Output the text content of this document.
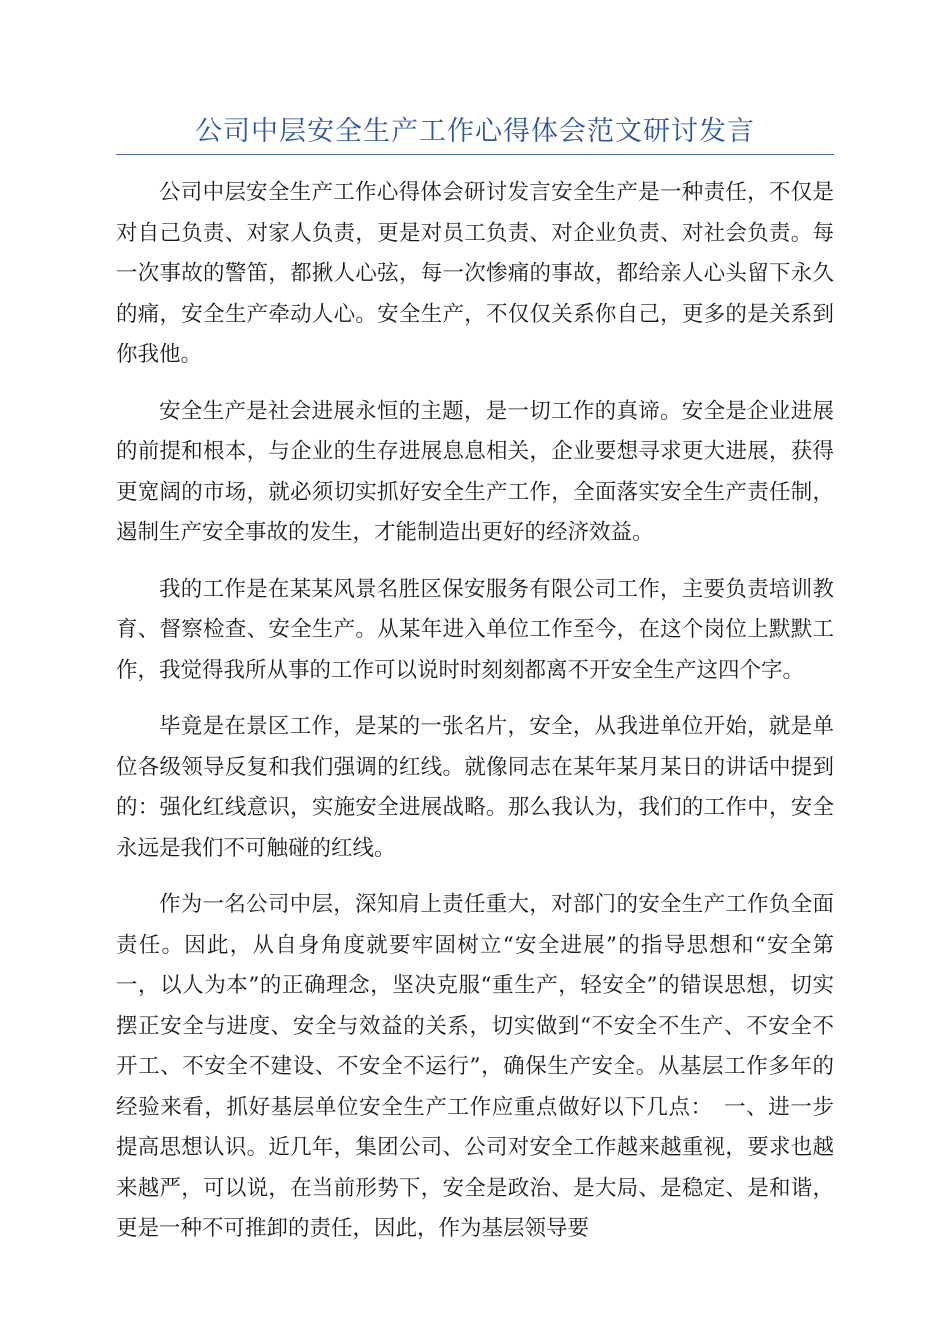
公司中层安全生产工作心得体会范文研讨发言

公司中层安全生产工作心得体会研讨发言安全生产是一种责任，不仅是对自己负责、对家人负责，更是对员工负责、对企业负责、对社会负责。每一次事故的警笛，都揪人心弦，每一次惨痛的事故，都给亲人心头留下永久的痛，安全生产牵动人心。安全生产，不仅仅关系你自己，更多的是关系到你我他。

安全生产是社会进展永恒的主题，是一切工作的真谛。安全是企业进展的前提和根本，与企业的生存进展息息相关，企业要想寻求更大进展，获得更宽阔的市场，就必须切实抓好安全生产工作，全面落实安全生产责任制，遏制生产安全事故的发生，才能制造出更好的经济效益。

我的工作是在某某风景名胜区保安服务有限公司工作，主要负责培训教育、督察检查、安全生产。从某年进入单位工作至今，在这个岗位上默默工作，我觉得我所从事的工作可以说时时刻刻都离不开安全生产这四个字。

毕竟是在景区工作，是某的一张名片，安全，从我进单位开始，就是单位各级领导反复和我们强调的红线。就像同志在某年某月某日的讲话中提到的：强化红线意识，实施安全进展战略。那么我认为，我们的工作中，安全永远是我们不可触碰的红线。

作为一名公司中层，深知肩上责任重大，对部门的安全生产工作负全面责任。因此，从自身角度就要牢固树立“安全进展”的指导思想和“安全第一，以人为本”的正确理念，坚决克服“重生产，轻安全”的错误思想，切实摆正安全与进度、安全与效益的关系，切实做到“不安全不生产、不安全不开工、不安全不建设、不安全不运行”，确保生产安全。从基层工作多年的经验来看，抓好基层单位安全生产工作应重点做好以下几点：　一、进一步提高思想认识。近几年，集团公司、公司对安全工作越来越重视，要求也越来越严，可以说，在当前形势下，安全是政治、是大局、是稳定、是和谐，更是一种不可推卸的责任，因此，作为基层领导要
